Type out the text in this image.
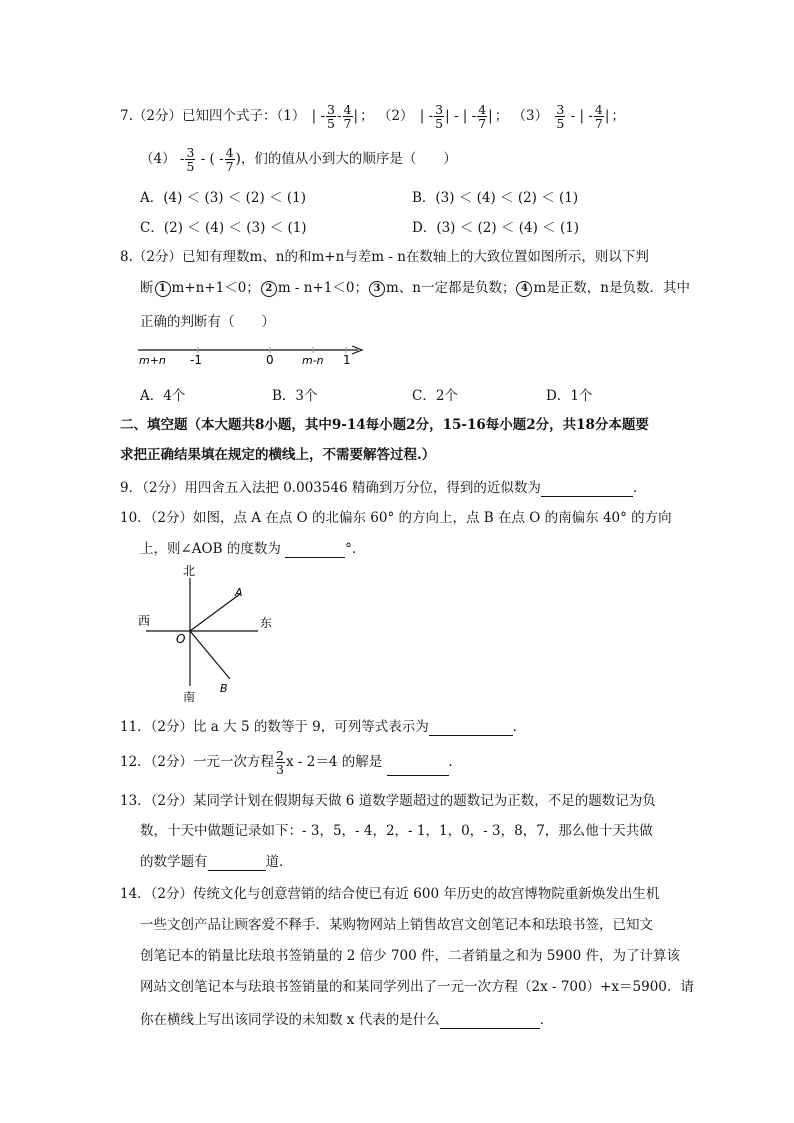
7.（2分）已知四个式子：（1） | - $\frac{3}{5} - \frac{4}{7}$ | ； （2） | - $\frac{3}{5}$ | - | - $\frac{4}{7}$ | ； $(3) \frac{3}{5}$ - | - $\frac{4}{7}$ | ；
$(4) - \frac{3}{5}$ - ( - $\frac{4}{7}$ )，们的值从小到大的顺序是（　　）
A．(4) ＜ (3) ＜ (2) ＜ (1)	B．(3) ＜ (4) ＜ (2) ＜ (1)
C．(2) ＜ (4) ＜ (3) ＜ (1)	D．(3) ＜ (2) ＜ (4) ＜ (1)
8.（2分）已知有理数m、n的和m+n与差m - n在数轴上的大致位置如图所示，则以下判
断 1 m+n+1＜0； 2 m - n+1＜0； 3 m、n一定都是负数； 4 m是正数，n是负数．其中
正确的判断有（　　）
m+n -1	0	m-n 1
A．4个	B．3个	C．2个	D．1个
二、填空题（本大题共8小题，其中9-14每小题2分，15-16每小题2分，共18分本题要
求把正确结果填在规定的横线上，不需要解答过程.）
9．（2分）用四舍五入法把 0.003546 精确到万分位，得到的近似数为	．
10．（2分）如图，点 A 在点 O 的北偏东 60° 的方向上，点 B 在点 O 的南偏东 40° 的方向
上，则∠AOB 的度数为	°．
北
南
西	东
O
A
B
11．（2分）比 a 大 5 的数等于 9，可列等式表示为	．
12．（2分）一元一次方程 $\frac{2}{3}$ x - 2＝4 的解是	．
13．（2分）某同学计划在假期每天做 6 道数学题超过的题数记为正数，不足的题数记为负
数，十天中做题记录如下：- 3，5，- 4，2，- 1，1，0，- 3，8，7，那么他十天共做
的数学题有	道．
14．（2分）传统文化与创意营销的结合使已有近 600 年历史的故宫博物院重新焕发出生机
一些文创产品让顾客爱不释手．某购物网站上销售故宫文创笔记本和珐琅书签，已知文
创笔记本的销量比珐琅书签销量的 2 倍少 700 件，二者销量之和为 5900 件，为了计算该
网站文创笔记本与珐琅书签销量的和某同学列出了一元一次方程（2x - 700）+x＝5900．请
你在横线上写出该同学设的未知数 x 代表的是什么	．
